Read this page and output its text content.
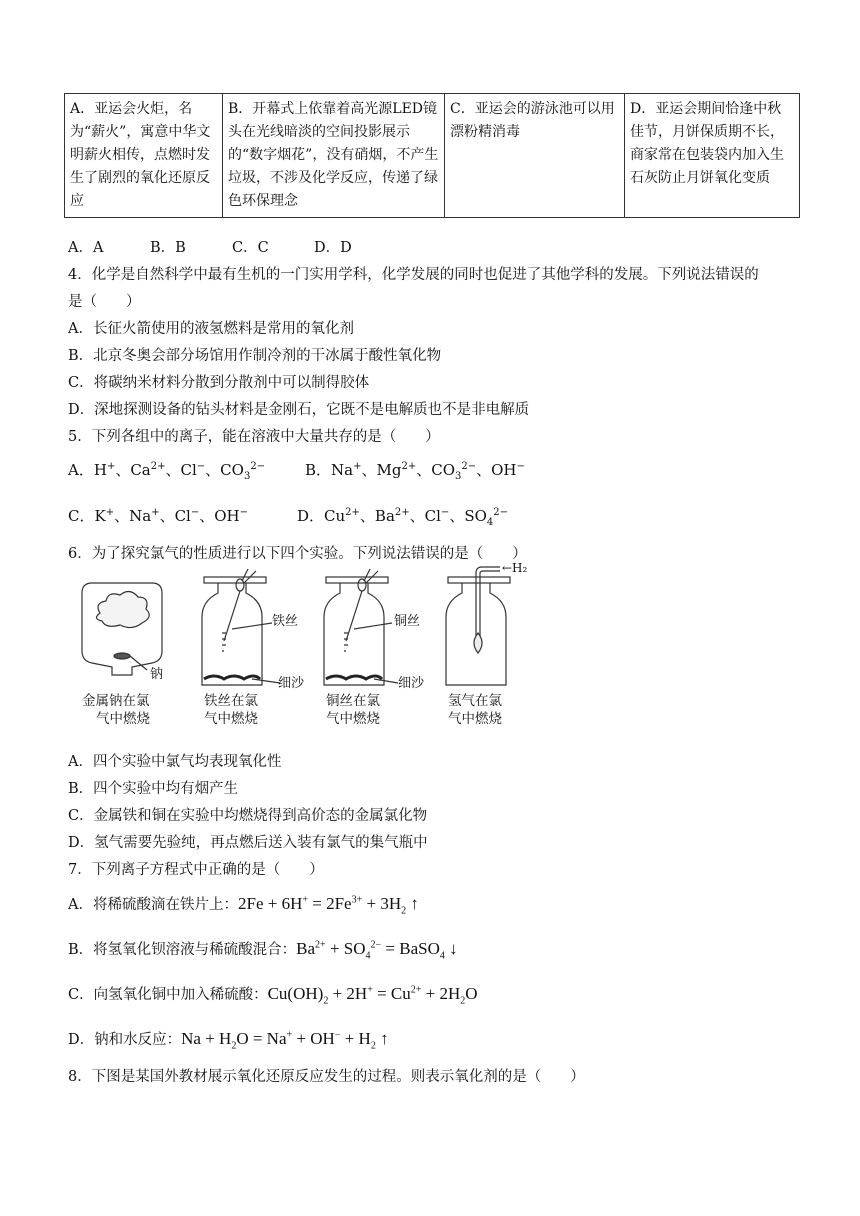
A．亚运会火炬，名为“薪火”，寓意中华文明薪火相传，点燃时发生了剧烈的氧化还原反应	B．开幕式上依靠着高光源LED镜头在光线暗淡的空间投影展示的“数字烟花”，没有硝烟，不产生垃圾，不涉及化学反应，传递了绿色环保理念	C．亚运会的游泳池可以用漂粉精消毒	D．亚运会期间恰逢中秋佳节，月饼保质期不长，商家常在包装袋内加入生石灰防止月饼氧化变质
A．A	B．B	C．C	D．D
4．化学是自然科学中最有生机的一门实用学科，化学发展的同时也促进了其他学科的发展。下列说法错误的
是（　　）
A．长征火箭使用的液氢燃料是常用的氧化剂
B．北京冬奥会部分场馆用作制冷剂的干冰属于酸性氧化物
C．将碳纳米材料分散到分散剂中可以制得胶体
D．深地探测设备的钻头材料是金刚石，它既不是电解质也不是非电解质
5．下列各组中的离子，能在溶液中大量共存的是（　　）
A．H+、$Ca^{2+}$、Cl−、$CO_3^{2-}$	B．Na+、$Mg^{2+}$、$CO_3^{2-}$、OH−
C．K+、Na+、Cl−、OH−	D．$Cu^{2+}$、$Ba^{2+}$、Cl−、$SO_4^{2-}$
6．为了探究氯气的性质进行以下四个实验。下列说法错误的是（　　）
钠
铁丝
细沙
铜丝
细沙
←H₂
金属钠在氯
气中燃烧
铁丝在氯
气中燃烧
铜丝在氯
气中燃烧
氢气在氯
气中燃烧
A．四个实验中氯气均表现氧化性
B．四个实验中均有烟产生
C．金属铁和铜在实验中均燃烧得到高价态的金属氯化物
D．氢气需要先验纯，再点燃后送入装有氯气的集气瓶中
7．下列离子方程式中正确的是（　　）
A．将稀硫酸滴在铁片上：$2Fe + 6H^+ = 2Fe^{3+} + 3H_2$ ↑
B．将氢氧化钡溶液与稀硫酸混合：$Ba^{2+} + SO_4^{2-}$ = BaSO$_4$ ↓
C．向氢氧化铜中加入稀硫酸：$Cu(OH)_2 + 2H^+ = Cu^{2+} + 2H_2O$
D．钠和水反应：$Na + H_2O = Na^+ + OH^- + H_2$ ↑
8．下图是某国外教材展示氧化还原反应发生的过程。则表示氧化剂的是（　　）
